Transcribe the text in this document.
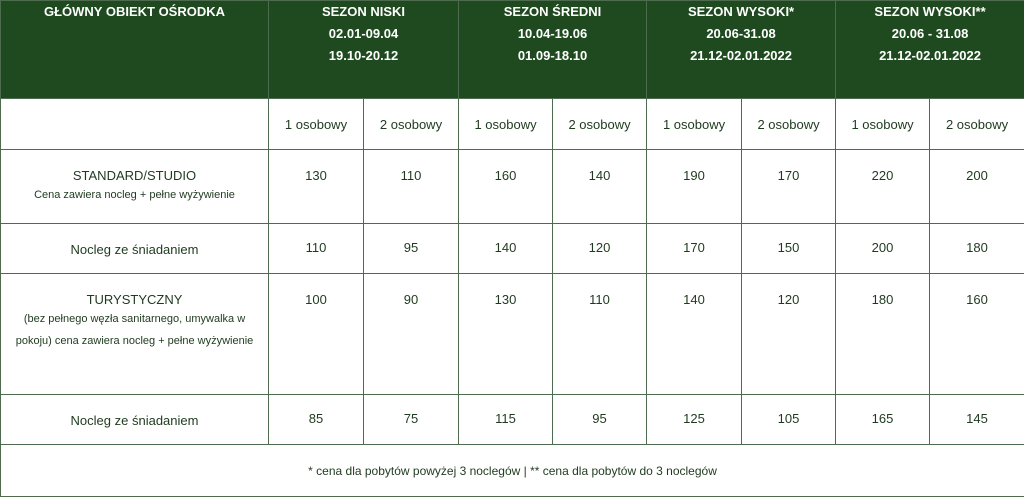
GŁÓWNY OBIEKT OŚRODKA	SEZON NISKI
02.01-09.04
19.10-20.12		SEZON ŚREDNI
10.04-19.06
01.09-18.10		SEZON WYSOKI*
20.06-31.08
21.12-02.01.2022		SEZON WYSOKI**
20.06 - 31.08
21.12-02.01.2022	

	1 osobowy	2 osobowy	1 osobowy	2 osobowy	1 osobowy	2 osobowy	1 osobowy	2 osobowy

STANDARD/STUDIO
Cena zawiera nocleg + pełne wyżywienie	130	110	160	140	190	170	220	200

Nocleg ze śniadaniem	110	95	140	120	170	150	200	180

TURYSTYCZNY
(bez pełnego węzła sanitarnego, umywalka w pokoju) cena zawiera nocleg + pełne wyżywienie	100	90	130	110	140	120	180	160

Nocleg ze śniadaniem	85	75	115	95	125	105	165	145
* cena dla pobytów powyżej 3 noclegów | ** cena dla pobytów do 3 noclegów								
